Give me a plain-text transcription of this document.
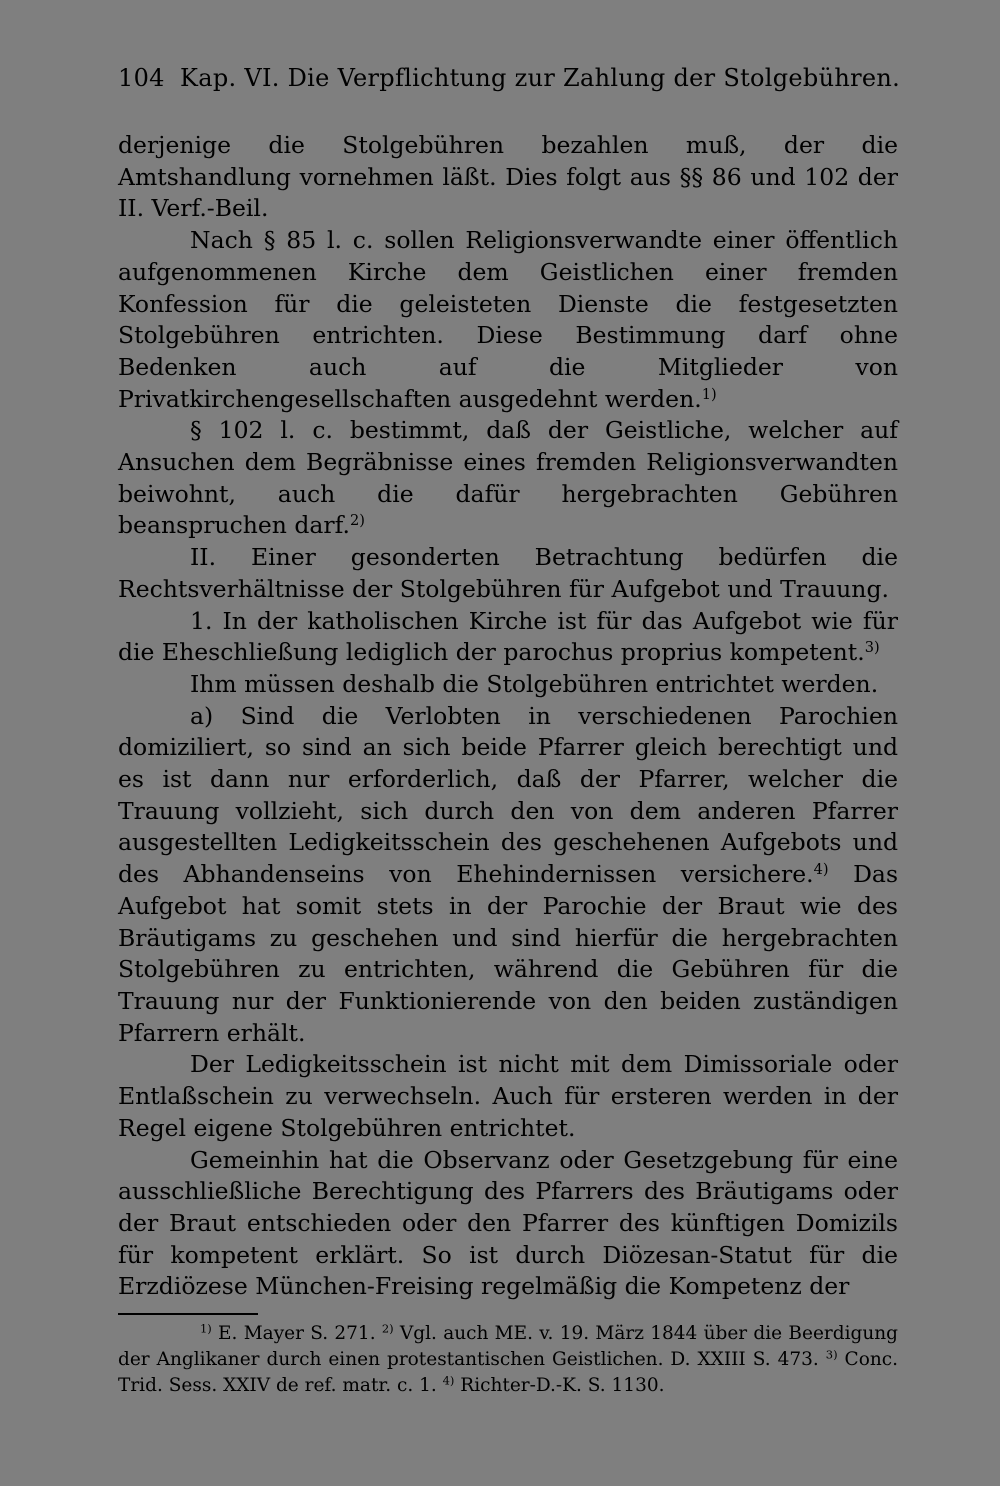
104 Kap. VI. Die Verpflichtung zur Zahlung der Stolgebühren.

derjenige die Stolgebühren bezahlen muß, der die Amtshandlung vornehmen läßt. Dies folgt aus §§ 86 und 102 der II. Verf.-Beil.

Nach § 85 l. c. sollen Religionsverwandte einer öffentlich aufgenommenen Kirche dem Geistlichen einer fremden Konfession für die geleisteten Dienste die festgesetzten Stolgebühren entrichten. Diese Bestimmung darf ohne Bedenken auch auf die Mitglieder von Privatkirchengesellschaften ausgedehnt werden.$^{1)}$

§ 102 l. c. bestimmt, daß der Geistliche, welcher auf Ansuchen dem Begräbnisse eines fremden Religionsverwandten beiwohnt, auch die dafür hergebrachten Gebühren beanspruchen darf.$^{2)}$

II. Einer gesonderten Betrachtung bedürfen die Rechtsverhältnisse der Stolgebühren für Aufgebot und Trauung.

1. In der katholischen Kirche ist für das Aufgebot wie für die Eheschließung lediglich der parochus proprius kompetent.$^{3)}$

Ihm müssen deshalb die Stolgebühren entrichtet werden.

a) Sind die Verlobten in verschiedenen Parochien domiziliert, so sind an sich beide Pfarrer gleich berechtigt und es ist dann nur erforderlich, daß der Pfarrer, welcher die Trauung vollzieht, sich durch den von dem anderen Pfarrer ausgestellten Ledigkeitsschein des geschehenen Aufgebots und des Abhandenseins von Ehehindernissen versichere.$^{4)}$ Das Aufgebot hat somit stets in der Parochie der Braut wie des Bräutigams zu geschehen und sind hierfür die hergebrachten Stolgebühren zu entrichten, während die Gebühren für die Trauung nur der Funktionierende von den beiden zuständigen Pfarrern erhält.

Der Ledigkeitsschein ist nicht mit dem Dimissoriale oder Entlaßschein zu verwechseln. Auch für ersteren werden in der Regel eigene Stolgebühren entrichtet.

Gemeinhin hat die Observanz oder Gesetzgebung für eine ausschließliche Berechtigung des Pfarrers des Bräutigams oder der Braut entschieden oder den Pfarrer des künftigen Domizils für kompetent erklärt. So ist durch Diözesan-Statut für die Erzdiözese München-Freising regelmäßig die Kompetenz der

$^{1)}$ E. Mayer S. 271. $^{2)}$ Vgl. auch ME. v. 19. März 1844 über die Beerdigung der Anglikaner durch einen protestantischen Geistlichen. D. XXIII S. 473. $^{3)}$ Conc. Trid. Sess. XXIV de ref. matr. c. 1. $^{4)}$ Richter-D.-K. S. 1130.
